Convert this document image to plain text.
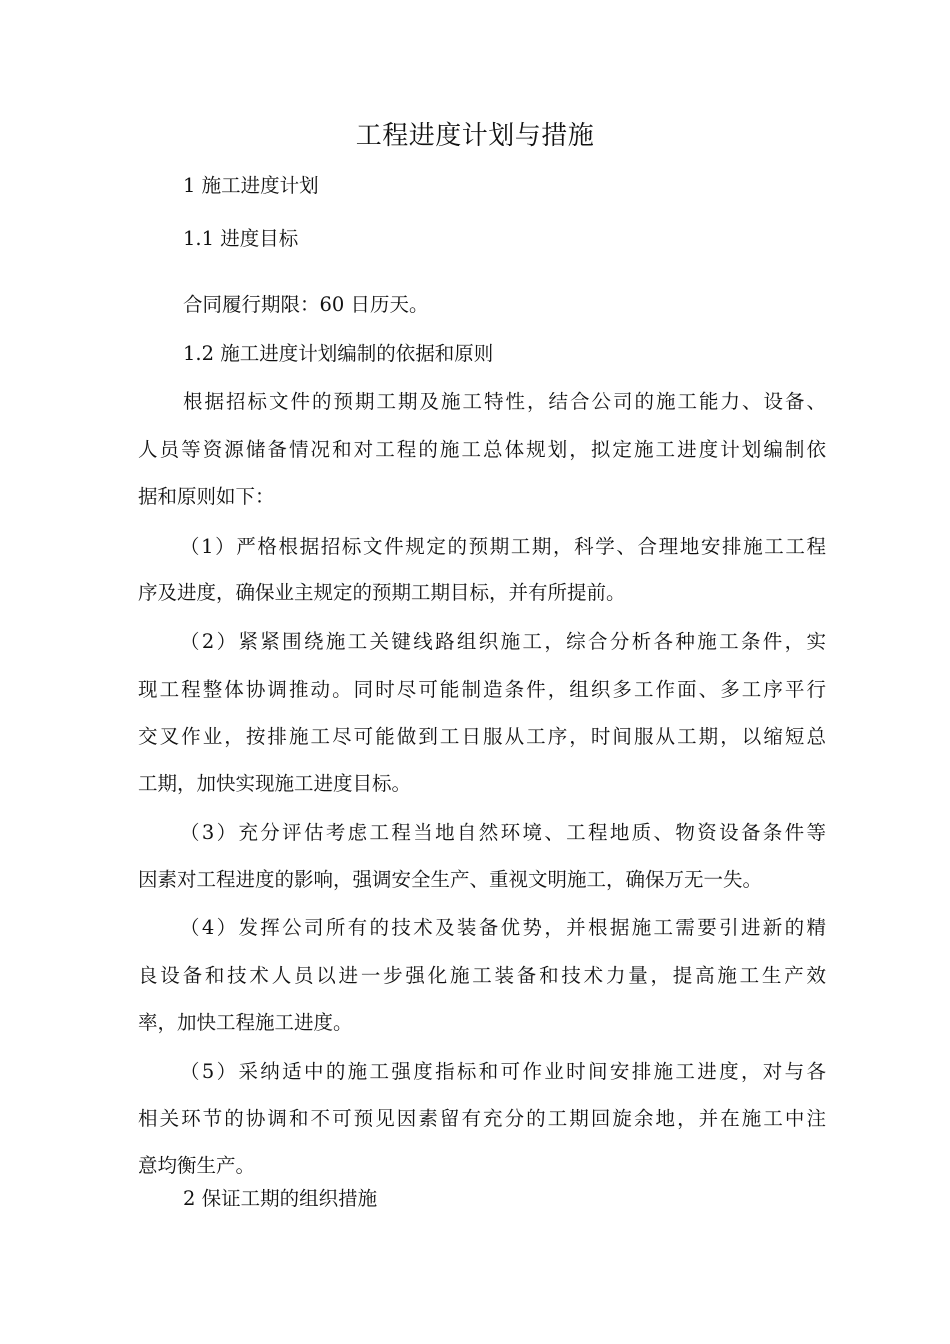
工程进度计划与措施
1 施工进度计划
1.1 进度目标
合同履行期限：60 日历天。
1.2 施工进度计划编制的依据和原则
根据招标文件的预期工期及施工特性，结合公司的施工能力、设备、
人员等资源储备情况和对工程的施工总体规划，拟定施工进度计划编制依
据和原则如下：
（1）严格根据招标文件规定的预期工期，科学、合理地安排施工工程
序及进度，确保业主规定的预期工期目标，并有所提前。
（2）紧紧围绕施工关键线路组织施工，综合分析各种施工条件，实
现工程整体协调推动。同时尽可能制造条件，组织多工作面、多工序平行
交叉作业，按排施工尽可能做到工日服从工序，时间服从工期，以缩短总
工期，加快实现施工进度目标。
（3）充分评估考虑工程当地自然环境、工程地质、物资设备条件等
因素对工程进度的影响，强调安全生产、重视文明施工，确保万无一失。
（4）发挥公司所有的技术及装备优势，并根据施工需要引进新的精
良设备和技术人员以进一步强化施工装备和技术力量，提高施工生产效
率，加快工程施工进度。
（5）采纳适中的施工强度指标和可作业时间安排施工进度，对与各
相关环节的协调和不可预见因素留有充分的工期回旋余地，并在施工中注
意均衡生产。
2 保证工期的组织措施
